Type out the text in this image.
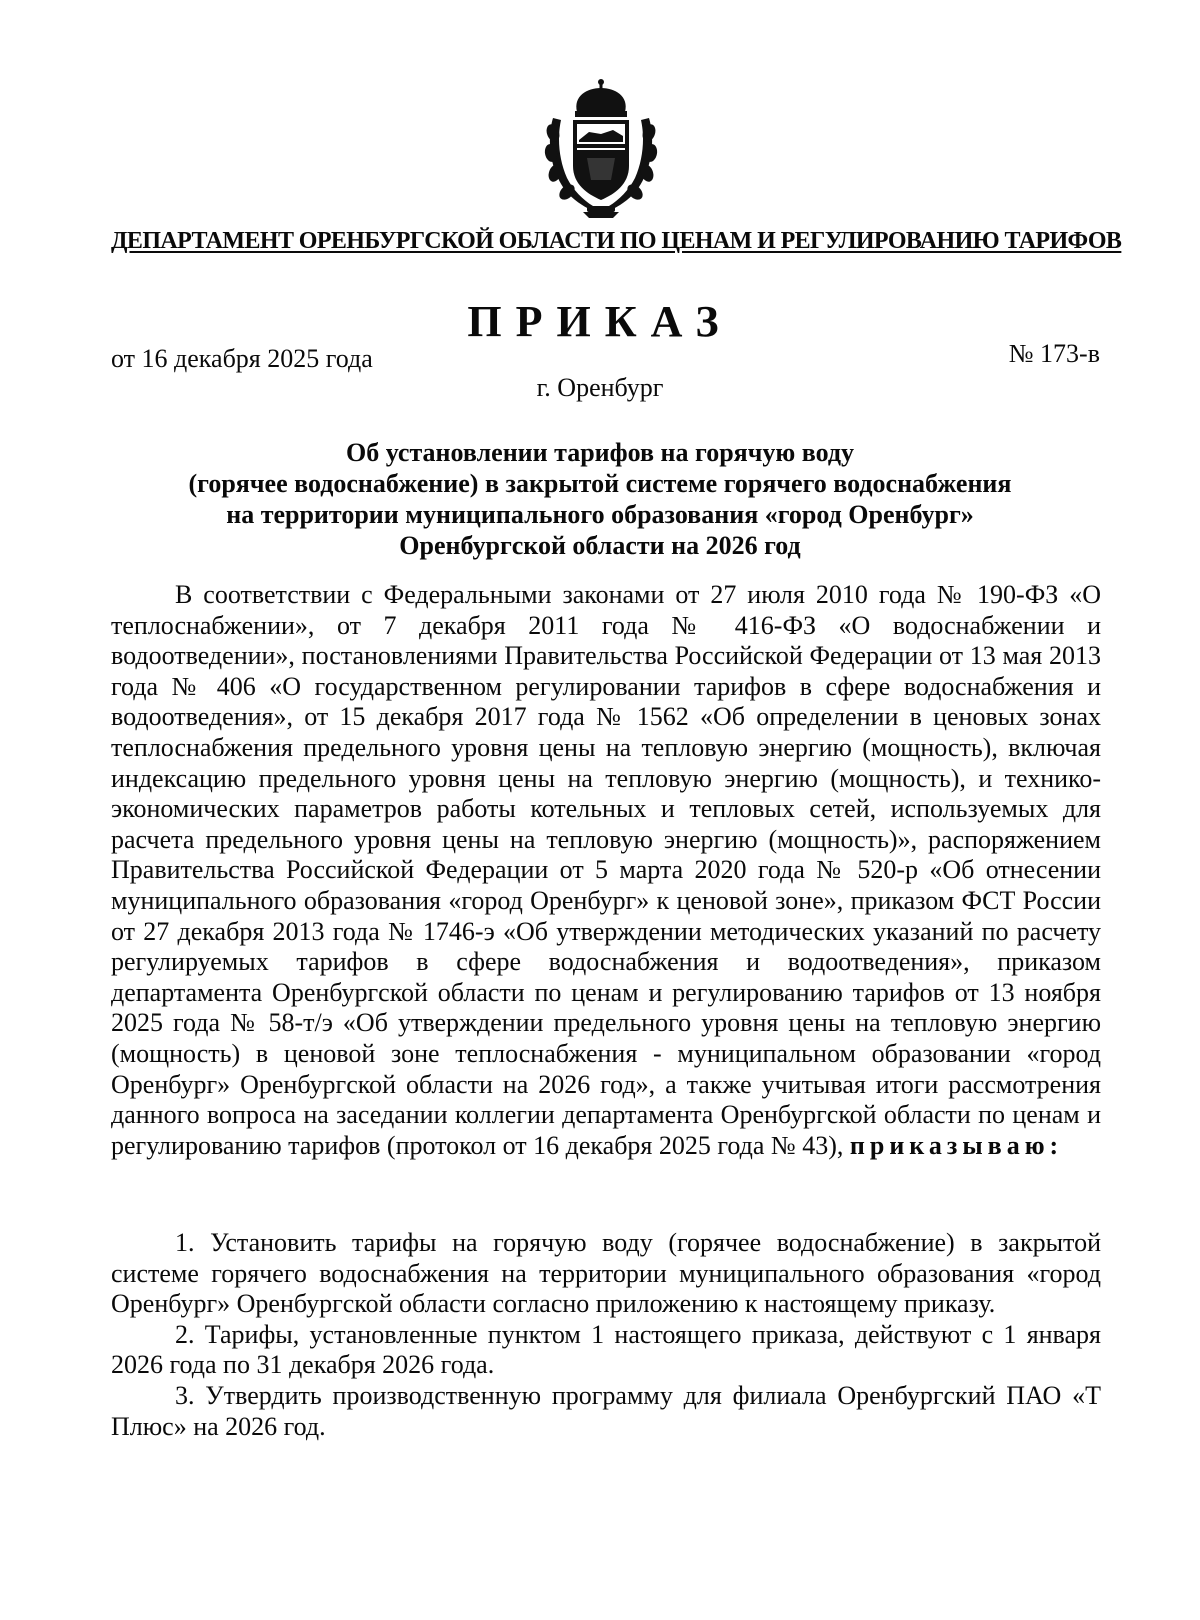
ДЕПАРТАМЕНТ ОРЕНБУРГСКОЙ ОБЛАСТИ ПО ЦЕНАМ И РЕГУЛИРОВАНИЮ ТАРИФОВ
ПРИКАЗ
от 16 декабря 2025 года	№ 173-в
г. Оренбург
Об установлении тарифов на горячую воду
(горячее водоснабжение) в закрытой системе горячего водоснабжения
на территории муниципального образования «город Оренбург»
Оренбургской области на 2026 год
В соответствии с Федеральными законами от 27 июля 2010 года № 190-ФЗ «О теплоснабжении», от 7 декабря 2011 года № 416-ФЗ «О водоснабжении и водоотведении», постановлениями Правительства Российской Федерации от 13 мая 2013 года № 406 «О государственном регулировании тарифов в сфере водоснабжения и водоотведения», от 15 декабря 2017 года № 1562 «Об определении в ценовых зонах теплоснабжения предельного уровня цены на тепловую энергию (мощность), включая индексацию предельного уровня цены на тепловую энергию (мощность), и технико-экономических параметров работы котельных и тепловых сетей, используемых для расчета предельного уровня цены на тепловую энергию (мощность)», распоряжением Правительства Российской Федерации от 5 марта 2020 года № 520-р «Об отнесении муниципального образования «город Оренбург» к ценовой зоне», приказом ФСТ России от 27 декабря 2013 года № 1746-э «Об утверждении методических указаний по расчету регулируемых тарифов в сфере водоснабжения и водоотведения», приказом департамента Оренбургской области по ценам и регулированию тарифов от 13 ноября 2025 года № 58-т/э «Об утверждении предельного уровня цены на тепловую энергию (мощность) в ценовой зоне теплоснабжения - муниципальном образовании «город Оренбург» Оренбургской области на 2026 год», а также учитывая итоги рассмотрения данного вопроса на заседании коллегии департамента Оренбургской области по ценам и регулированию тарифов (протокол от 16 декабря 2025 года № 43), приказываю:

1. Установить тарифы на горячую воду (горячее водоснабжение) в закрытой системе горячего водоснабжения на территории муниципального образования «город Оренбург» Оренбургской области согласно приложению к настоящему приказу.

2. Тарифы, установленные пунктом 1 настоящего приказа, действуют с 1 января 2026 года по 31 декабря 2026 года.

3. Утвердить производственную программу для филиала Оренбургский ПАО «Т Плюс» на 2026 год.
